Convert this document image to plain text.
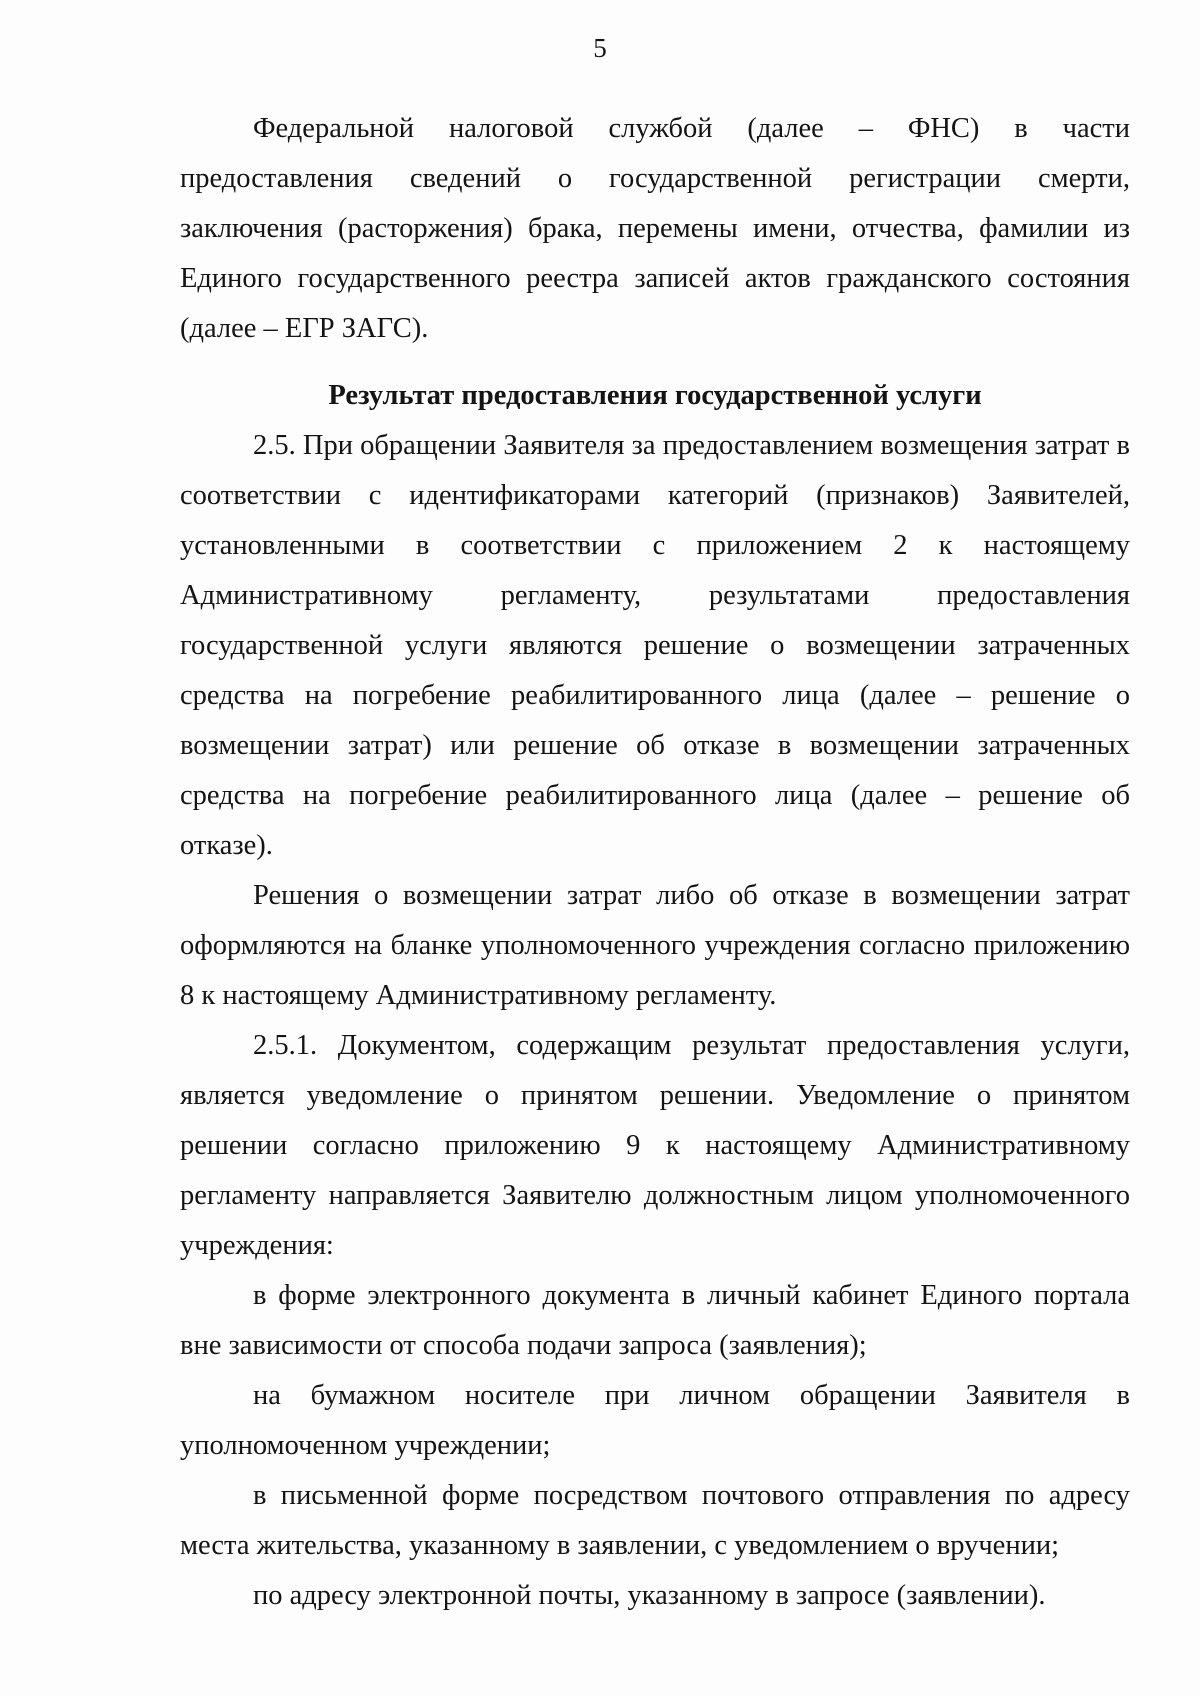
5

Федеральной налоговой службой (далее – ФНС) в части предоставления сведений о государственной регистрации смерти, заключения (расторжения) брака, перемены имени, отчества, фамилии из Единого государственного реестра записей актов гражданского состояния (далее – ЕГР ЗАГС).

Результат предоставления государственной услуги

2.5. При обращении Заявителя за предоставлением возмещения затрат в соответствии с идентификаторами категорий (признаков) Заявителей, установленными в соответствии с приложением 2 к настоящему Административному регламенту, результатами предоставления государственной услуги являются решение о возмещении затраченных средства на погребение реабилитированного лица (далее – решение о возмещении затрат) или решение об отказе в возмещении затраченных средства на погребение реабилитированного лица (далее – решение об отказе).

Решения о возмещении затрат либо об отказе в возмещении затрат оформляются на бланке уполномоченного учреждения согласно приложению 8 к настоящему Административному регламенту.

2.5.1. Документом, содержащим результат предоставления услуги, является уведомление о принятом решении. Уведомление о принятом решении согласно приложению 9 к настоящему Административному регламенту направляется Заявителю должностным лицом уполномоченного учреждения:

в форме электронного документа в личный кабинет Единого портала вне зависимости от способа подачи запроса (заявления);

на бумажном носителе при личном обращении Заявителя в уполномоченном учреждении;

в письменной форме посредством почтового отправления по адресу места жительства, указанному в заявлении, с уведомлением о вручении;

по адресу электронной почты, указанному в запросе (заявлении).
